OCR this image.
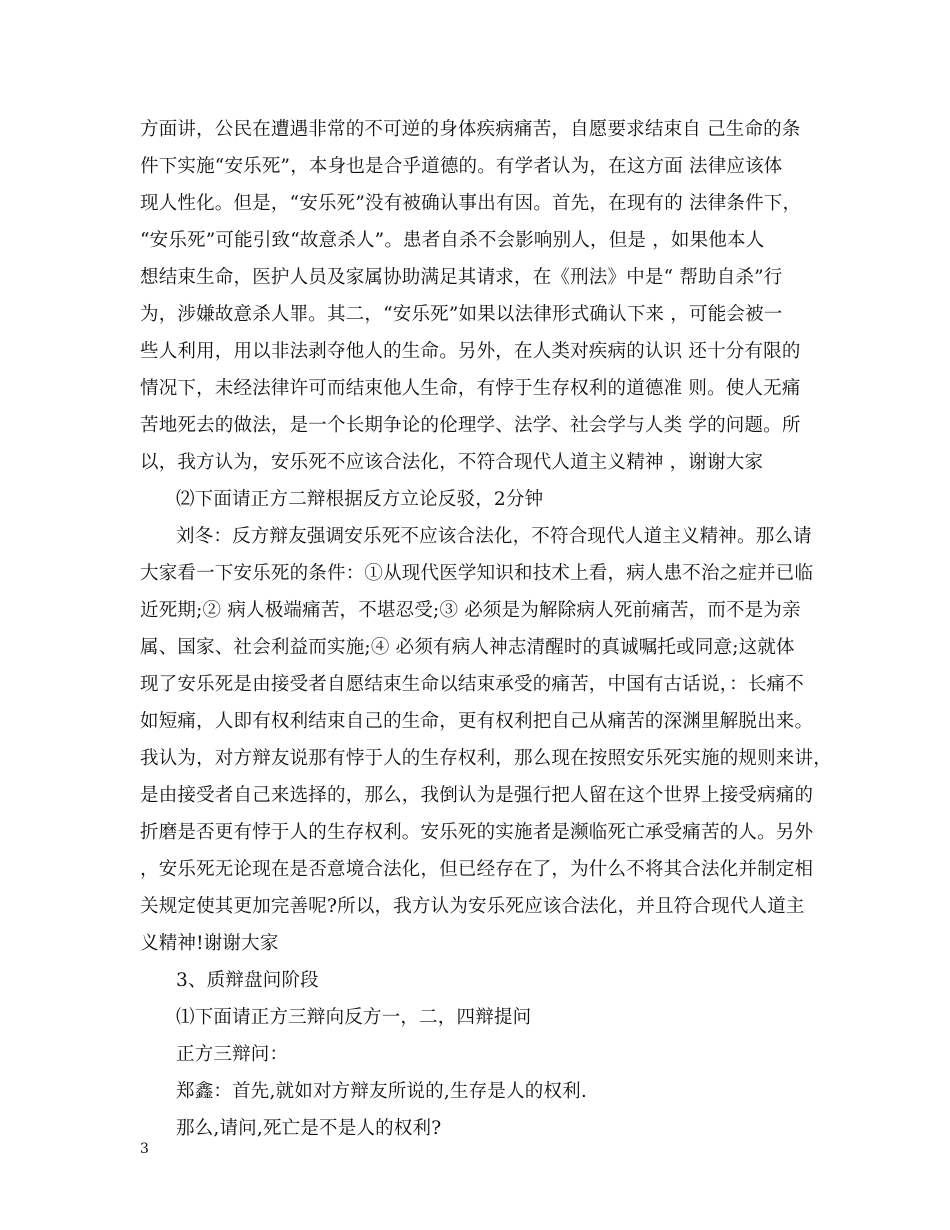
方面讲，公民在遭遇非常的不可逆的身体疾病痛苦，自愿要求结束自 己生命的条
件下实施“安乐死”，本身也是合乎道德的。有学者认为，在这方面 法律应该体
现人性化。但是，“安乐死”没有被确认事出有因。首先，在现有的 法律条件下，
“安乐死”可能引致“故意杀人”。患者自杀不会影响别人，但是 ，如果他本人
想结束生命，医护人员及家属协助满足其请求，在《刑法》中是“ 帮助自杀”行
为，涉嫌故意杀人罪。其二，“安乐死”如果以法律形式确认下来 ，可能会被一
些人利用，用以非法剥夺他人的生命。另外，在人类对疾病的认识 还十分有限的
情况下，未经法律许可而结束他人生命，有悖于生存权利的道德准 则。使人无痛
苦地死去的做法，是一个长期争论的伦理学、法学、社会学与人类 学的问题。所
以，我方认为，安乐死不应该合法化，不符合现代人道主义精神 ，谢谢大家
⑵下面请正方二辩根据反方立论反驳，2分钟
刘冬：反方辩友强调安乐死不应该合法化，不符合现代人道主义精神。那么请
大家看一下安乐死的条件：①从现代医学知识和技术上看，病人患不治之症并已临
近死期;② 病人极端痛苦，不堪忍受;③ 必须是为解除病人死前痛苦，而不是为亲
属、国家、社会利益而实施;④ 必须有病人神志清醒时的真诚嘱托或同意;这就体
现了安乐死是由接受者自愿结束生命以结束承受的痛苦，中国有古话说，：长痛不
如短痛，人即有权利结束自己的生命，更有权利把自己从痛苦的深渊里解脱出来。
我认为，对方辩友说那有悖于人的生存权利，那么现在按照安乐死实施的规则来讲，
是由接受者自己来选择的，那么，我倒认为是强行把人留在这个世界上接受病痛的
折磨是否更有悖于人的生存权利。安乐死的实施者是濒临死亡承受痛苦的人。另外
，安乐死无论现在是否意境合法化，但已经存在了，为什么不将其合法化并制定相
关规定使其更加完善呢?所以，我方认为安乐死应该合法化，并且符合现代人道主
义精神!谢谢大家
3、质辩盘问阶段
⑴下面请正方三辩向反方一，二，四辩提问
正方三辩问：
郑鑫：首先,就如对方辩友所说的,生存是人的权利.
那么,请问,死亡是不是人的权利?
3
